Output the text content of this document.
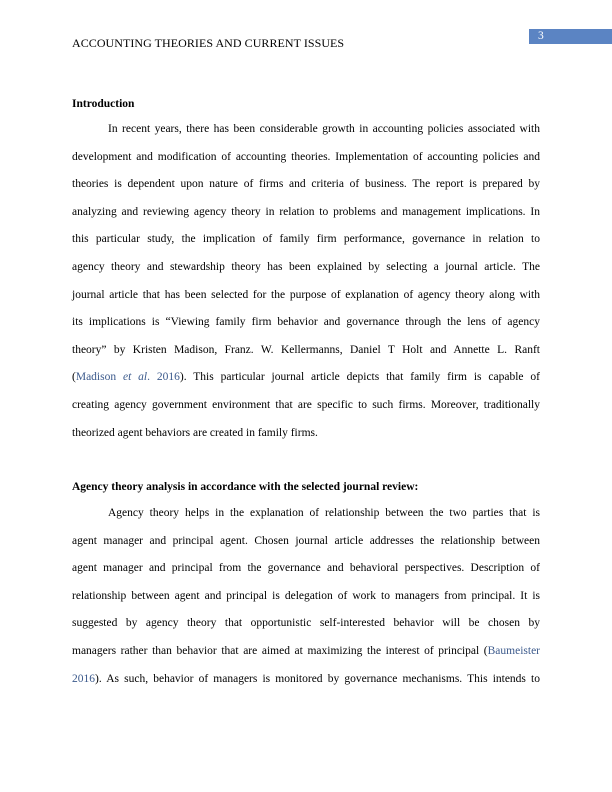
3
ACCOUNTING THEORIES AND CURRENT ISSUES
Introduction
In recent years, there has been considerable growth in accounting policies associated with
development and modification of accounting theories. Implementation of accounting policies and
theories is dependent upon nature of firms and criteria of business. The report is prepared by
analyzing and reviewing agency theory in relation to problems and management implications. In
this particular study, the implication of family firm performance, governance in relation to
agency theory and stewardship theory has been explained by selecting a journal article. The
journal article that has been selected for the purpose of explanation of agency theory along with
its implications is “Viewing family firm behavior and governance through the lens of agency
theory” by Kristen Madison, Franz. W. Kellermanns, Daniel T Holt and Annette L. Ranft
(Madison et al. 2016). This particular journal article depicts that family firm is capable of
creating agency government environment that are specific to such firms. Moreover, traditionally
theorized agent behaviors are created in family firms.
Agency theory analysis in accordance with the selected journal review:
Agency theory helps in the explanation of relationship between the two parties that is
agent manager and principal agent. Chosen journal article addresses the relationship between
agent manager and principal from the governance and behavioral perspectives. Description of
relationship between agent and principal is delegation of work to managers from principal. It is
suggested by agency theory that opportunistic self-interested behavior will be chosen by
managers rather than behavior that are aimed at maximizing the interest of principal (Baumeister
2016). As such, behavior of managers is monitored by governance mechanisms. This intends to
